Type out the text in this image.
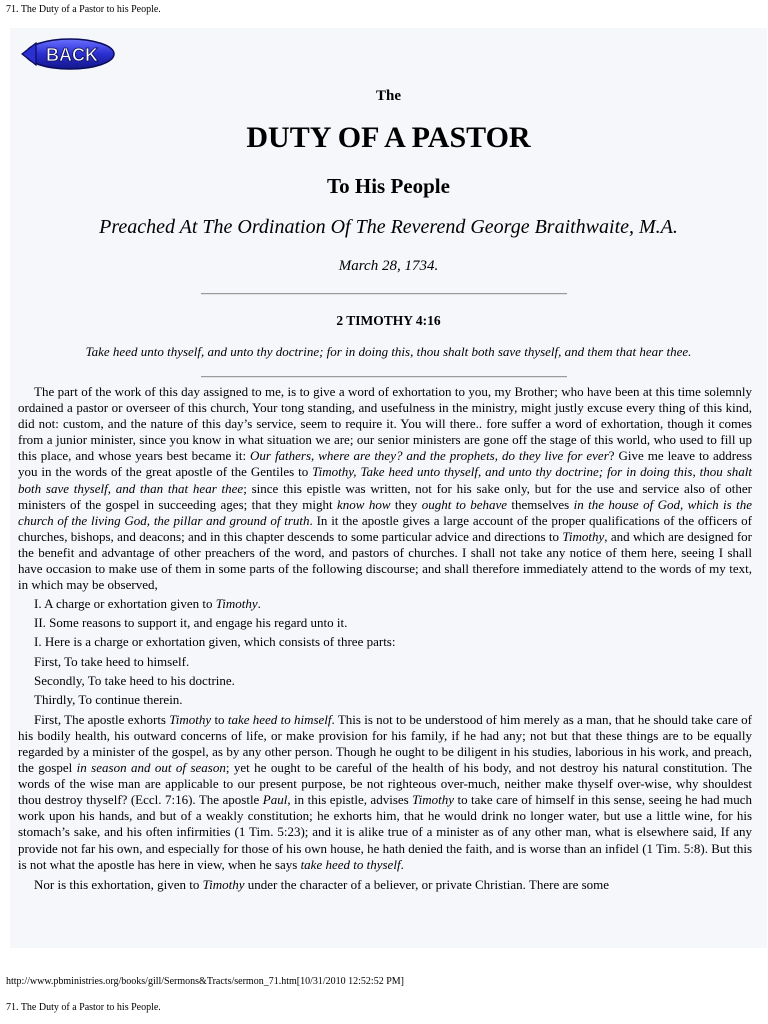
71. The Duty of a Pastor to his People.
BACK
The
DUTY OF A PASTOR
To His People
Preached At The Ordination Of The Reverend George Braithwaite, M.A.
March 28, 1734.
2 TIMOTHY 4:16
Take heed unto thyself, and unto thy doctrine; for in doing this, thou shalt both save thyself, and them that hear thee.

The part of the work of this day assigned to me, is to give a word of exhortation to you, my Brother; who have been at this time solemnly ordained a pastor or overseer of this church, Your tong standing, and usefulness in the ministry, might justly excuse every thing of this kind, did not: custom, and the nature of this day’s service, seem to require it. You will there.. fore suffer a word of exhortation, though it comes from a junior minister, since you know in what situation we are; our senior ministers are gone off the stage of this world, who used to fill up this place, and whose years best became it: Our fathers, where are they? and the prophets, do they live for ever? Give me leave to address you in the words of the great apostle of the Gentiles to Timothy, Take heed unto thyself, and unto thy doctrine; for in doing this, thou shalt both save thyself, and than that hear thee; since this epistle was written, not for his sake only, but for the use and service also of other ministers of the gospel in succeeding ages; that they might know how they ought to behave themselves in the house of God, which is the church of the living God, the pillar and ground of truth. In it the apostle gives a large account of the proper qualifications of the officers of churches, bishops, and deacons; and in this chapter descends to some particular advice and directions to Timothy, and which are designed for the benefit and advantage of other preachers of the word, and pastors of churches. I shall not take any notice of them here, seeing I shall have occasion to make use of them in some parts of the following discourse; and shall therefore immediately attend to the words of my text, in which may be observed,

I. A charge or exhortation given to Timothy.

II. Some reasons to support it, and engage his regard unto it.

I. Here is a charge or exhortation given, which consists of three parts:

First, To take heed to himself.

Secondly, To take heed to his doctrine.

Thirdly, To continue therein.

First, The apostle exhorts Timothy to take heed to himself. This is not to be understood of him merely as a man, that he should take care of his bodily health, his outward concerns of life, or make provision for his family, if he had any; not but that these things are to be equally regarded by a minister of the gospel, as by any other person. Though he ought to be diligent in his studies, laborious in his work, and preach, the gospel in season and out of season; yet he ought to be careful of the health of his body, and not destroy his natural constitution. The words of the wise man are applicable to our present purpose, be not righteous over-much, neither make thyself over-wise, why shouldest thou destroy thyself? (Eccl. 7:16). The apostle Paul, in this epistle, advises Timothy to take care of himself in this sense, seeing he had much work upon his hands, and but of a weakly constitution; he exhorts him, that he would drink no longer water, but use a little wine, for his stomach’s sake, and his often infirmities (1 Tim. 5:23); and it is alike true of a minister as of any other man, what is elsewhere said, If any provide not far his own, and especially for those of his own house, he hath denied the faith, and is worse than an infidel (1 Tim. 5:8). But this is not what the apostle has here in view, when he says take heed to thyself.

Nor is this exhortation, given to Timothy under the character of a believer, or private Christian. There are some

http://www.pbministries.org/books/gill/Sermons&Tracts/sermon_71.htm[10/31/2010 12:52:52 PM]
71. The Duty of a Pastor to his People.
